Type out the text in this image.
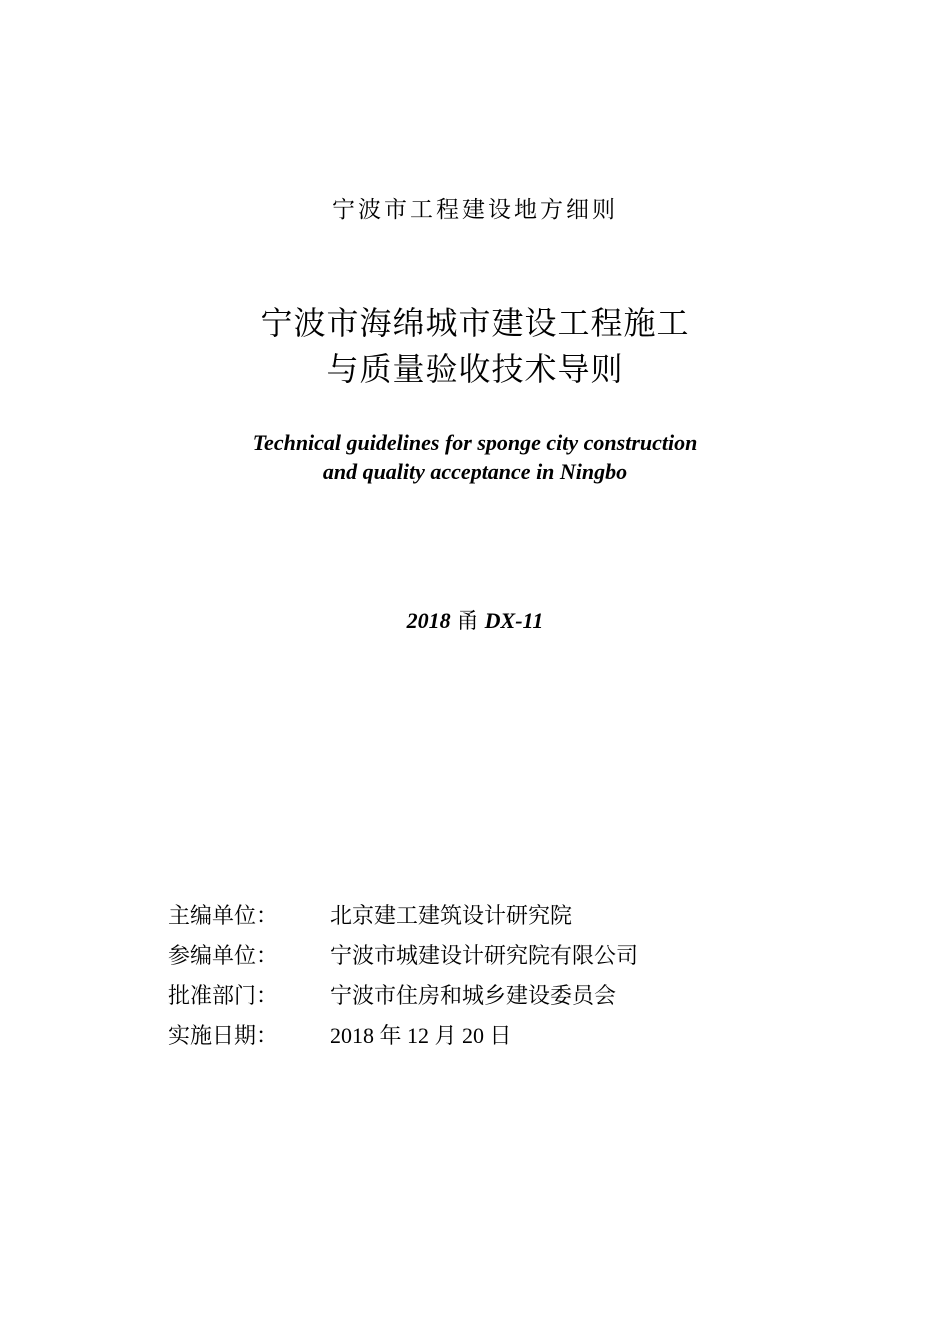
宁波市工程建设地方细则
宁波市海绵城市建设工程施工
与质量验收技术导则
Technical guidelines for sponge city construction
and quality acceptance in Ningbo
2018 甬 DX-11
主编单位： 北京建工建筑设计研究院
参编单位： 宁波市城建设计研究院有限公司
批准部门： 宁波市住房和城乡建设委员会
实施日期： 2018 年 12 月 20 日
